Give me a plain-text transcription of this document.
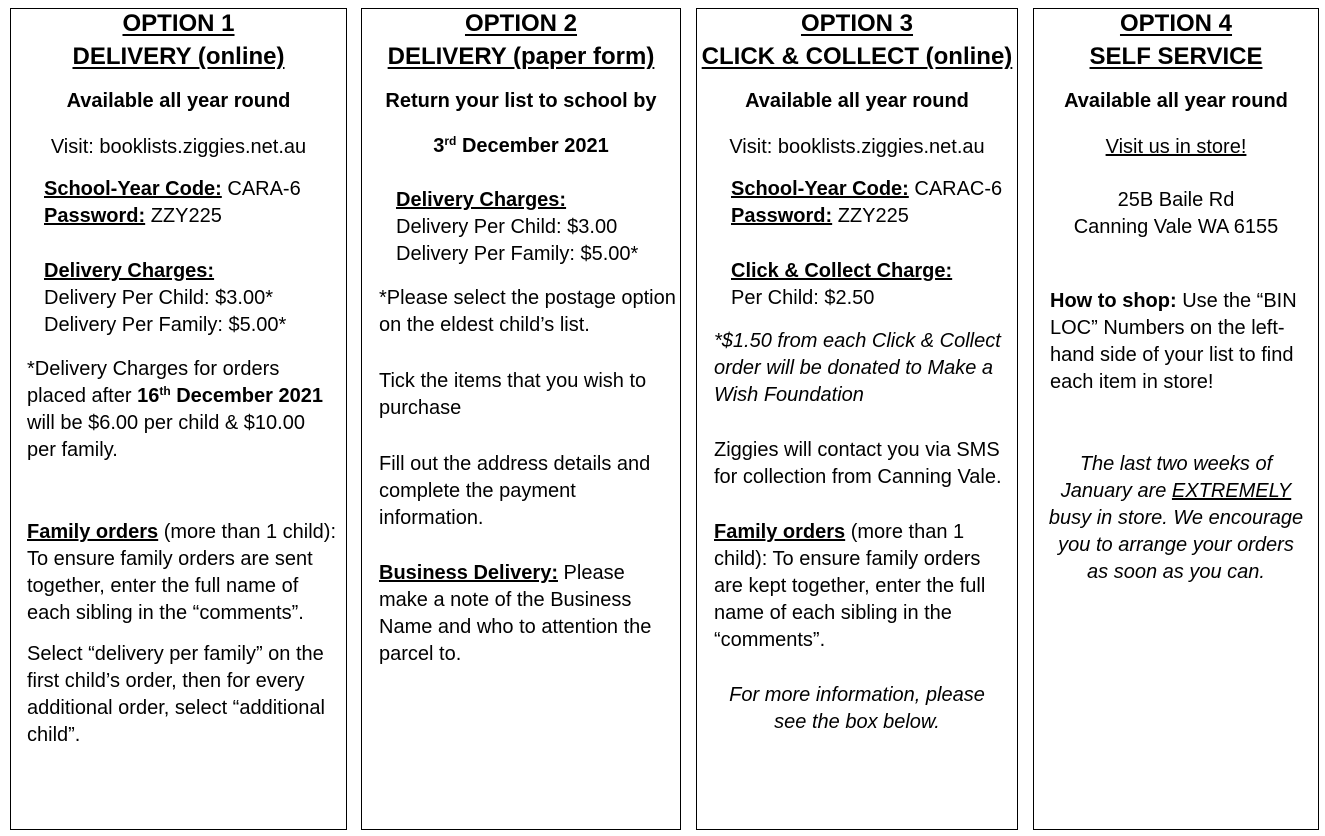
OPTION 1
DELIVERY (online)
Available all year round
Visit: booklists.ziggies.net.au
School-Year Code: CARA-6
Password: ZZY225
Delivery Charges:
Delivery Per Child: $3.00*
Delivery Per Family: $5.00*
*Delivery Charges for orders
placed after 16th December 2021
will be $6.00 per child & $10.00
per family.
Family orders (more than 1 child):
To ensure family orders are sent
together, enter the full name of
each sibling in the “comments”.
Select “delivery per family” on the
first child’s order, then for every
additional order, select “additional
child”.
OPTION 2
DELIVERY (paper form)
Return your list to school by
3rd December 2021
Delivery Charges:
Delivery Per Child: $3.00
Delivery Per Family: $5.00*
*Please select the postage option
on the eldest child’s list.
Tick the items that you wish to
purchase
Fill out the address details and
complete the payment
information.
Business Delivery: Please
make a note of the Business
Name and who to attention the
parcel to.
OPTION 3
CLICK & COLLECT (online)
Available all year round
Visit: booklists.ziggies.net.au
School-Year Code: CARAC-6
Password: ZZY225
Click & Collect Charge:
Per Child: $2.50
*$1.50 from each Click & Collect
order will be donated to Make a
Wish Foundation
Ziggies will contact you via SMS
for collection from Canning Vale.
Family orders (more than 1
child): To ensure family orders
are kept together, enter the full
name of each sibling in the
“comments”.
For more information, please
see the box below.
OPTION 4
SELF SERVICE
Available all year round
Visit us in store!
25B Baile Rd
Canning Vale WA 6155
How to shop: Use the “BIN
LOC” Numbers on the left-
hand side of your list to find
each item in store!
The last two weeks of
January are EXTREMELY
busy in store. We encourage
you to arrange your orders
as soon as you can.
